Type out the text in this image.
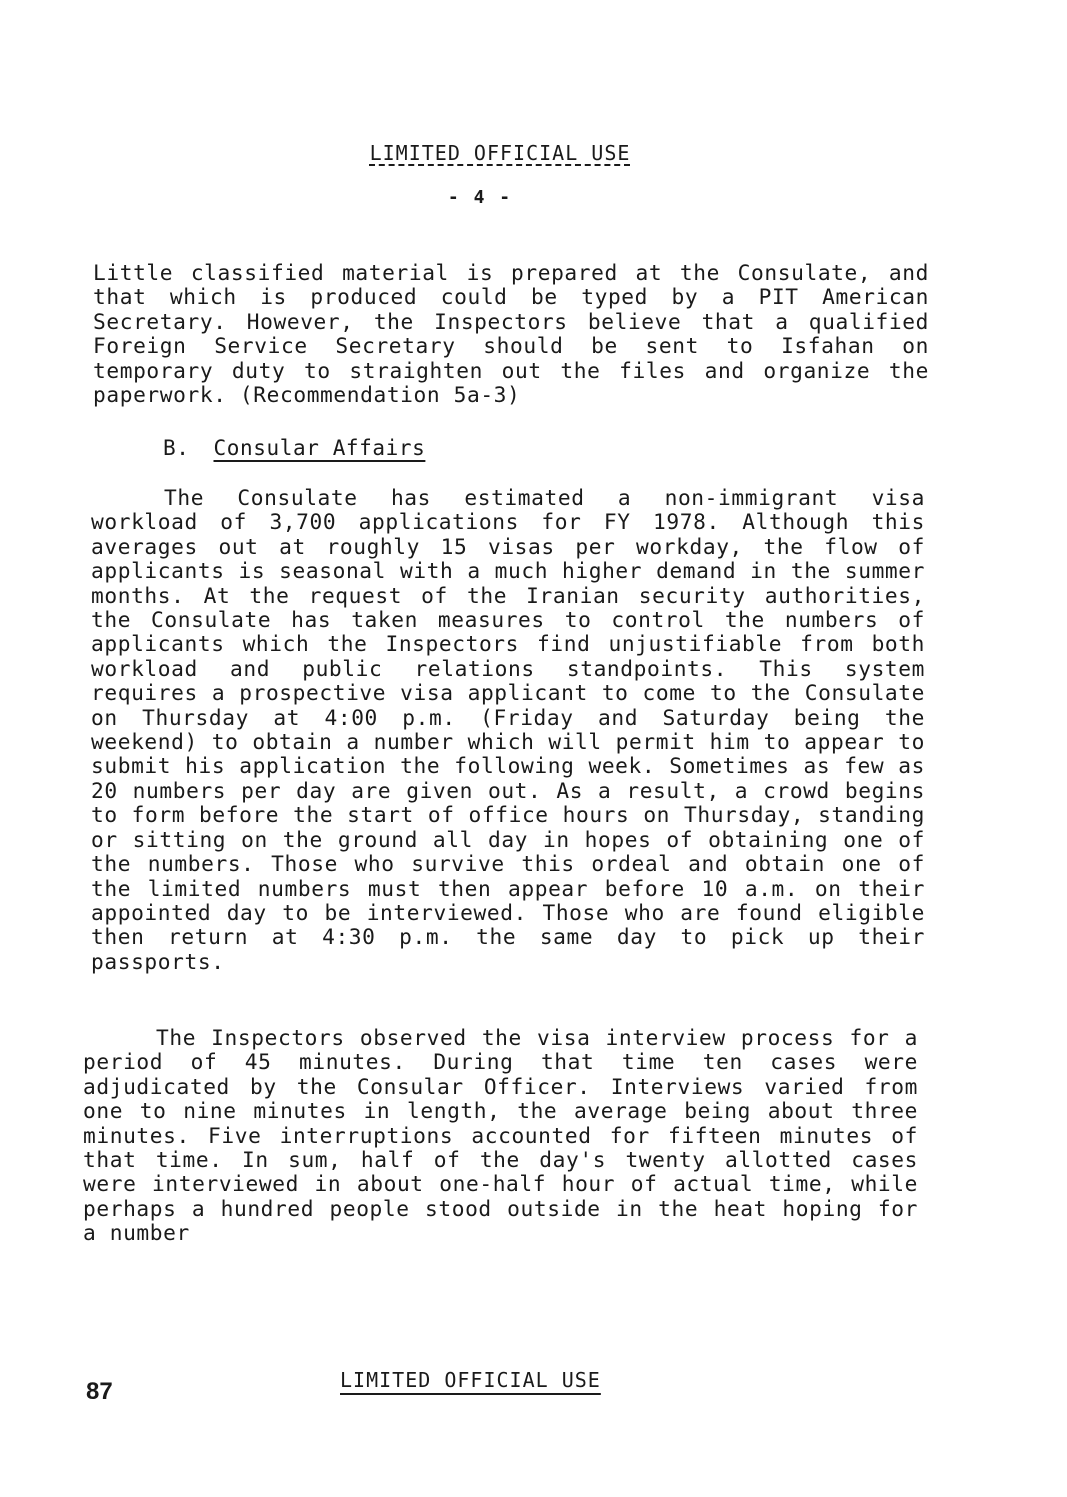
LIMITED OFFICIAL USE
- 4 -

Little classified material is prepared at the Consulate, and that which is produced could be typed by a PIT American Secretary. However, the Inspectors believe that a qualified Foreign Service Secretary should be sent to Isfahan on temporary duty to straighten out the files and organize the paperwork. (Recommendation 5a-3)

B. Consular Affairs

The Consulate has estimated a non-immigrant visa workload of 3,700 applications for FY 1978. Although this averages out at roughly 15 visas per workday, the flow of applicants is seasonal with a much higher demand in the summer months. At the request of the Iranian security authorities, the Consulate has taken measures to control the numbers of applicants which the Inspectors find unjustifiable from both workload and public relations standpoints. This system requires a prospective visa applicant to come to the Consulate on Thursday at 4:00 p.m. (Friday and Saturday being the weekend) to obtain a number which will permit him to appear to submit his application the following week. Sometimes as few as 20 numbers per day are given out. As a result, a crowd begins to form before the start of office hours on Thursday, standing or sitting on the ground all day in hopes of obtaining one of the numbers. Those who survive this ordeal and obtain one of the limited numbers must then appear before 10 a.m. on their appointed day to be interviewed. Those who are found eligible then return at 4:30 p.m. the same day to pick up their passports.

The Inspectors observed the visa interview process for a period of 45 minutes. During that time ten cases were adjudicated by the Consular Officer. Interviews varied from one to nine minutes in length, the average being about three minutes. Five interruptions accounted for fifteen minutes of that time. In sum, half of the day's twenty allotted cases were interviewed in about one-half hour of actual time, while perhaps a hundred people stood outside in the heat hoping for a number

87	LIMITED OFFICIAL USE
